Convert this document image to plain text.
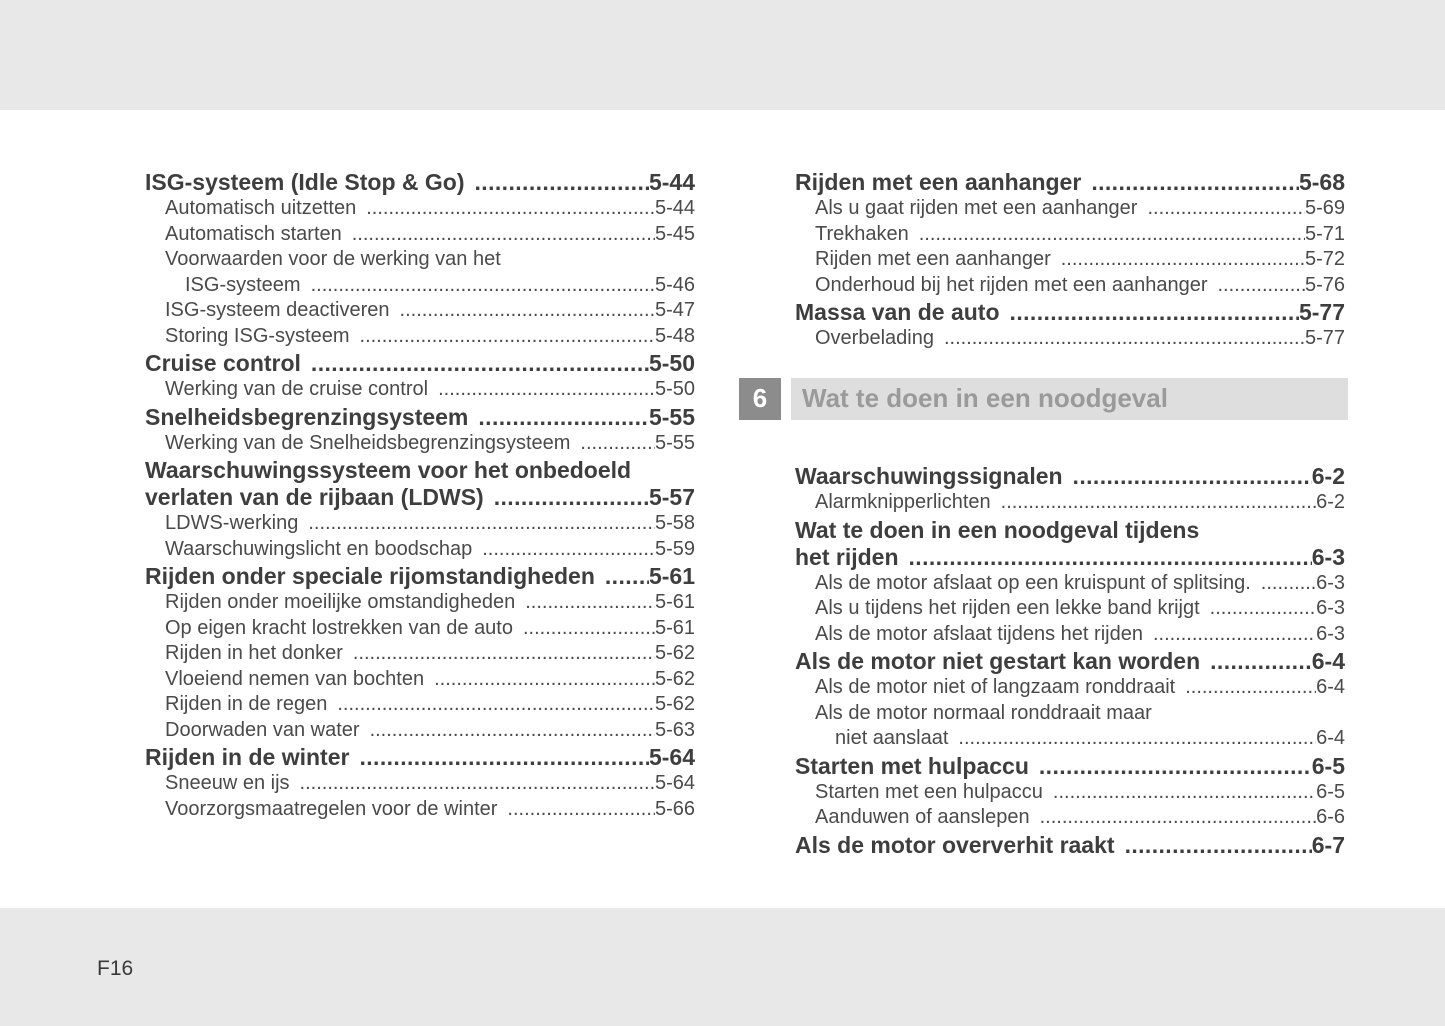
ISG-systeem (Idle Stop & Go) .....	5-44
Automatisch uitzetten .....	5-44
Automatisch starten .....	5-45
Voorwaarden voor de werking van het
ISG-systeem .....	5-46
ISG-systeem deactiveren .....	5-47
Storing ISG-systeem .....	5-48
Cruise control .....	5-50
Werking van de cruise control .....	5-50
Snelheidsbegrenzingsysteem .....	5-55
Werking van de Snelheidsbegrenzingsysteem .....	5-55
Waarschuwingssysteem voor het onbedoeld
verlaten van de rijbaan (LDWS) .....	5-57
LDWS-werking .....	5-58
Waarschuwingslicht en boodschap .....	5-59
Rijden onder speciale rijomstandigheden ..... 5-61
Rijden onder moeilijke omstandigheden .....	5-61
Op eigen kracht lostrekken van de auto .....	5-61
Rijden in het donker .....	5-62
Vloeiend nemen van bochten .....	5-62
Rijden in de regen .....	5-62
Doorwaden van water .....	5-63
Rijden in de winter .....	5-64
Sneeuw en ijs .....	5-64
Voorzorgsmaatregelen voor de winter .....	5-66
Rijden met een aanhanger .....	5-68
Als u gaat rijden met een aanhanger .....	5-69
Trekhaken .....	5-71
Rijden met een aanhanger .....	5-72
Onderhoud bij het rijden met een aanhanger .....	5-76
Massa van de auto .....	5-77
Overbelading .....	5-77
6	Wat te doen in een noodgeval
Waarschuwingssignalen .....	6-2
Alarmknipperlichten .....	6-2
Wat te doen in een noodgeval tijdens
het rijden .....	6-3
Als de motor afslaat op een kruispunt of splitsing. .....	6-3
Als u tijdens het rijden een lekke band krijgt .....	6-3
Als de motor afslaat tijdens het rijden .....	6-3
Als de motor niet gestart kan worden .....	6-4
Als de motor niet of langzaam ronddraait .....	6-4
Als de motor normaal ronddraait maar
niet aanslaat .....	6-4
Starten met hulpaccu .....	6-5
Starten met een hulpaccu .....	6-5
Aanduwen of aanslepen .....	6-6
Als de motor oververhit raakt .....	6-7
F16
